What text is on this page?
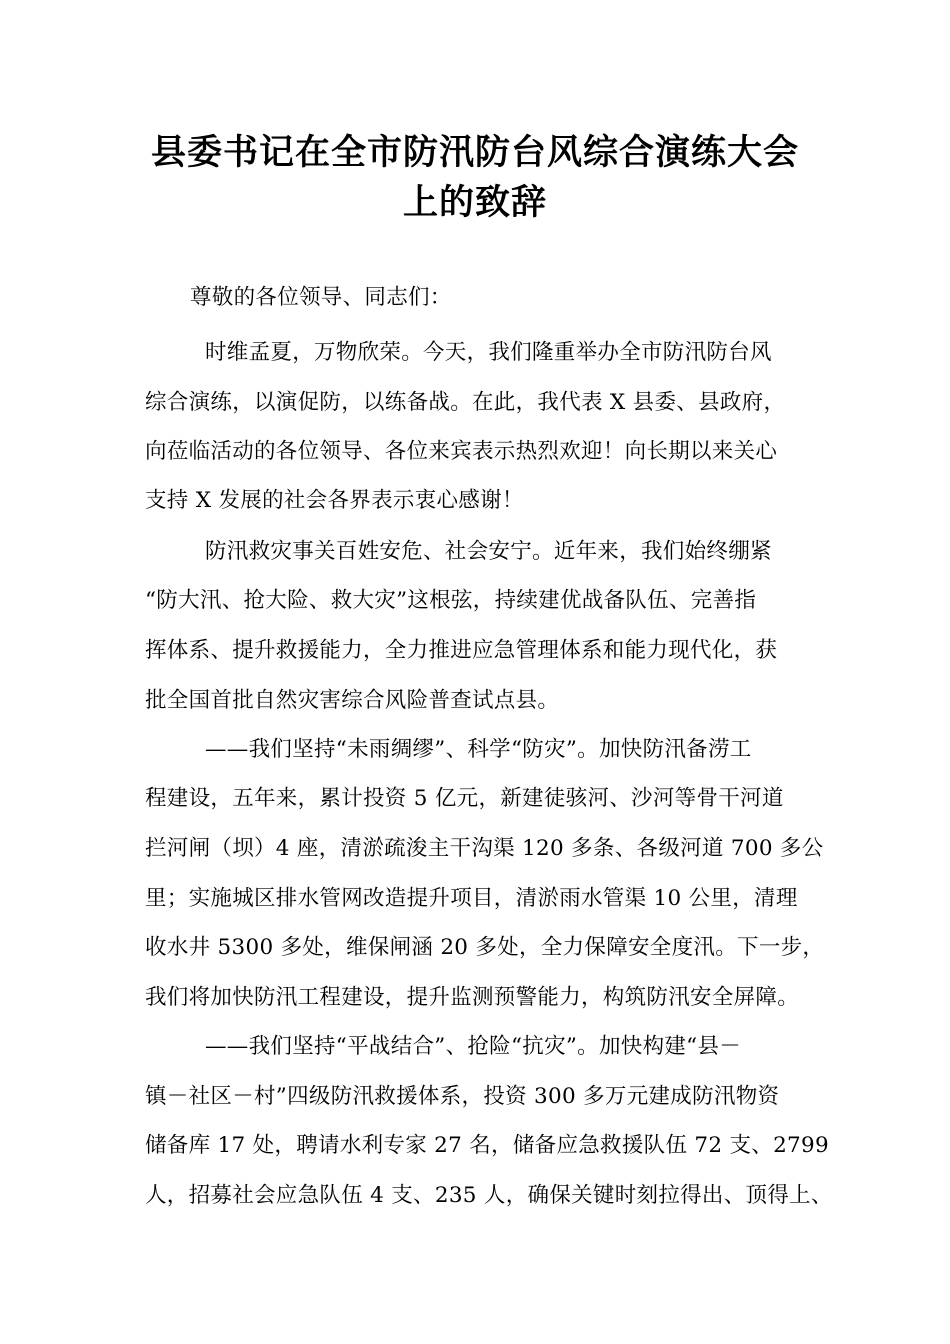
县委书记在全市防汛防台风综合演练大会
上的致辞
尊敬的各位领导、同志们：
时维孟夏，万物欣荣。今天，我们隆重举办全市防汛防台风
综合演练，以演促防，以练备战。在此，我代表 X 县委、县政府，
向莅临活动的各位领导、各位来宾表示热烈欢迎！向长期以来关心
支持 X 发展的社会各界表示衷心感谢！
防汛救灾事关百姓安危、社会安宁。近年来，我们始终绷紧
“防大汛、抢大险、救大灾”这根弦，持续建优战备队伍、完善指
挥体系、提升救援能力，全力推进应急管理体系和能力现代化，获
批全国首批自然灾害综合风险普查试点县。
——我们坚持“未雨绸缪”、科学“防灾”。加快防汛备涝工
程建设，五年来，累计投资 5 亿元，新建徒骇河、沙河等骨干河道
拦河闸（坝）4 座，清淤疏浚主干沟渠 120 多条、各级河道 700 多公
里；实施城区排水管网改造提升项目，清淤雨水管渠 10 公里，清理
收水井 5300 多处，维保闸涵 20 多处，全力保障安全度汛。下一步，
我们将加快防汛工程建设，提升监测预警能力，构筑防汛安全屏障。
——我们坚持“平战结合”、抢险“抗灾”。加快构建“县－
镇－社区－村”四级防汛救援体系，投资 300 多万元建成防汛物资
储备库 17 处，聘请水利专家 27 名，储备应急救援队伍 72 支、2799
人，招募社会应急队伍 4 支、235 人，确保关键时刻拉得出、顶得上、
